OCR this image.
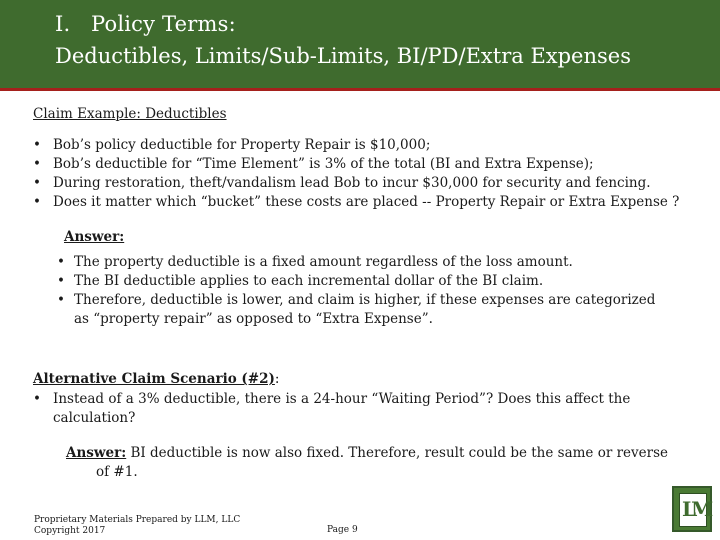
I. Policy Terms:
Deductibles, Limits/Sub-Limits, BI/PD/Extra Expenses
Claim Example: Deductibles
• Bob’s policy deductible for Property Repair is $10,000;
• Bob’s deductible for “Time Element” is 3% of the total (BI and Extra Expense);
• During restoration, theft/vandalism lead Bob to incur $30,000 for security and fencing.
• Does it matter which “bucket” these costs are placed -- Property Repair or Extra Expense ?
Answer:
• The property deductible is a fixed amount regardless of the loss amount.
• The BI deductible applies to each incremental dollar of the BI claim.
• Therefore, deductible is lower, and claim is higher, if these expenses are categorized
as “property repair” as opposed to “Extra Expense”.
Alternative Claim Scenario (#2):
• Instead of a 3% deductible, there is a 24-hour “Waiting Period”? Does this affect the
calculation?
Answer: BI deductible is now also fixed. Therefore, result could be the same or reverse
of #1.
Proprietary Materials Prepared by LLM, LLC
Copyright 2017	Page 9
LM
